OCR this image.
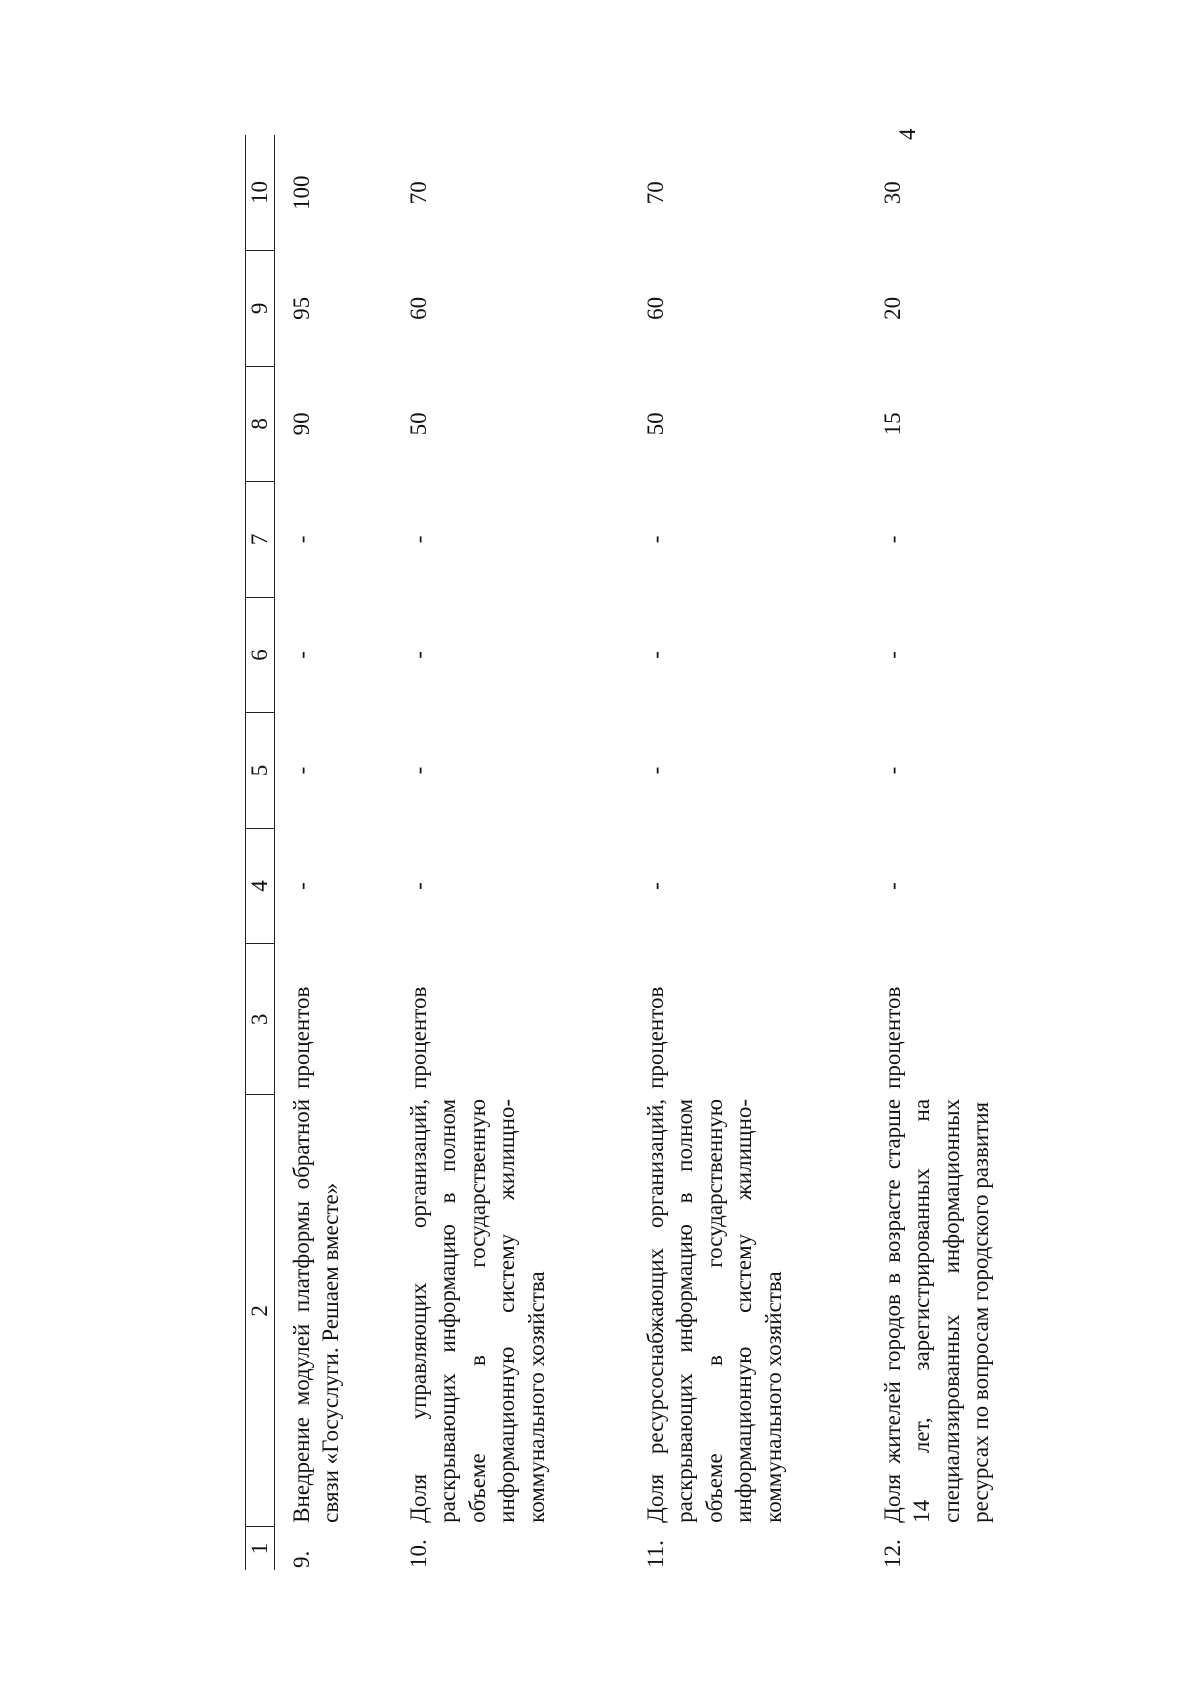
4
1	2	3	4	5	6	7	8	9	10
9.	Внедрение модулей платформы обратной связи «Госуслуги. Решаем вместе»	процентов	-	-	-	-	90	95	100
10.	Доля управляющих организаций, раскрывающих информацию в полном объеме в государственную информационную систему жилищно-коммунального хозяйства	процентов	-	-	-	-	50	60	70
11.	Доля ресурсоснабжающих организаций, раскрывающих информацию в полном объеме в государственную информационную систему жилищно-коммунального хозяйства	процентов	-	-	-	-	50	60	70
12.	Доля жителей городов в возрасте старше 14 лет, зарегистрированных на специализированных информационных ресурсах по вопросам городского развития	процентов	-	-	-	-	15	20	30
